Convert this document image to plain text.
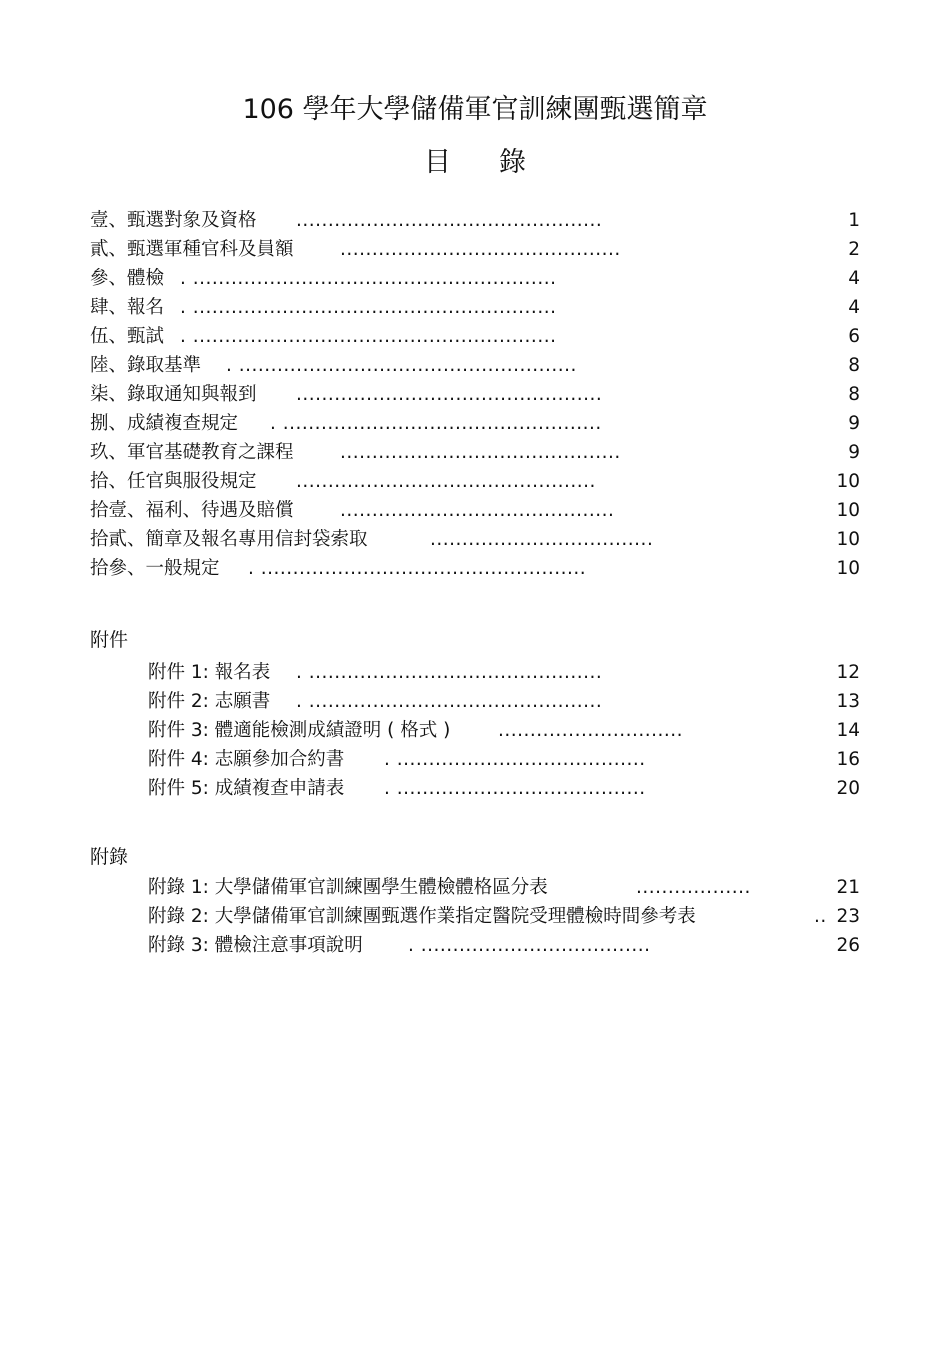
106 學年大學儲備軍官訓練團甄選簡章
目錄
壹、甄選對象及資格 ................................................	1
貳、甄選軍種官科及員額	............................................	2
參、體檢 . .........................................................	4
肆、報名 . .........................................................	4
伍、甄試 . .........................................................	6
陸、錄取基準 . .....................................................	8
柒、錄取通知與報到 ................................................	8
捌、成績複查規定 . ..................................................	9
玖、軍官基礎教育之課程	............................................	9
拾、任官與服役規定 ...............................................	10
拾壹、福利、待遇及賠償	...........................................	10
拾貳、簡章及報名專用信封袋索取	...................................	10
拾參、一般規定 . ...................................................	10
附件
附件 1: 報名表 . ..............................................	12
附件 2: 志願書 . ..............................................	13
附件 3: 體適能檢測成績證明 ( 格式 )	.............................	14
附件 4: 志願參加合約書 . .......................................	16
附件 5: 成績複查申請表 . .......................................	20
附錄
附錄 1: 大學儲備軍官訓練團學生體檢體格區分表	..................	21
附錄 2: 大學儲備軍官訓練團甄選作業指定醫院受理體檢時間參考表	.. 23
附錄 3: 體檢注意事項說明 . ....................................	26
